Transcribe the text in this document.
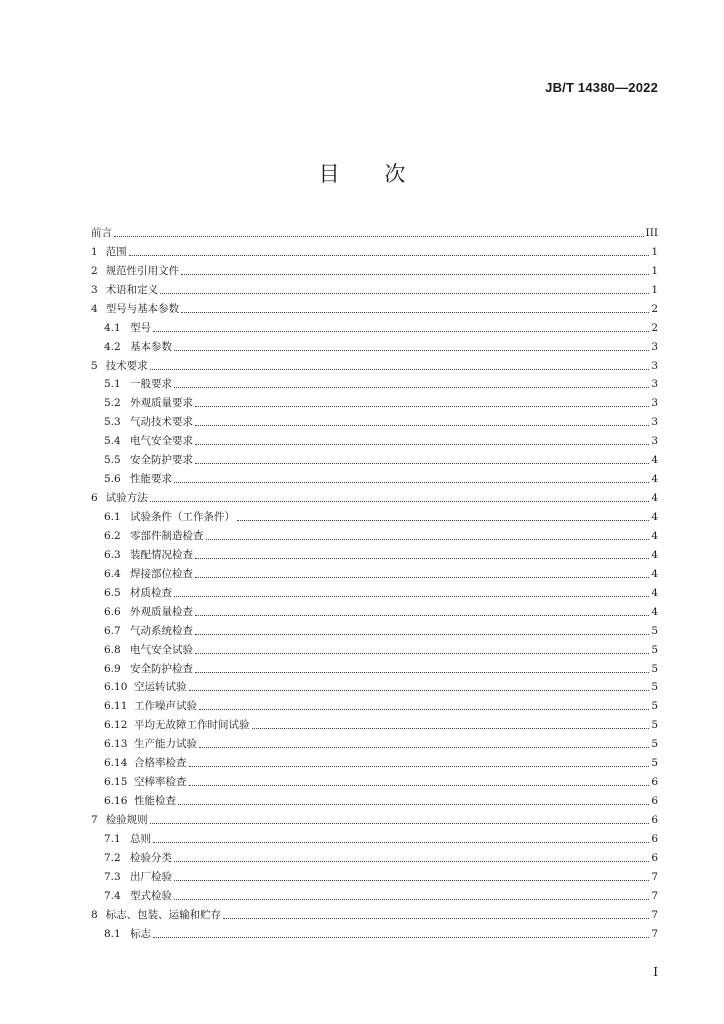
JB/T 14380—2022
目 次
前言	III
1 范围	1
2 规范性引用文件	1
3 术语和定义	1
4 型号与基本参数	2
4.1 型号	2
4.2 基本参数	3
5 技术要求	3
5.1 一般要求	3
5.2 外观质量要求	3
5.3 气动技术要求	3
5.4 电气安全要求	3
5.5 安全防护要求	4
5.6 性能要求	4
6 试验方法	4
6.1 试验条件（工作条件）	4
6.2 零部件制造检查	4
6.3 装配情况检查	4
6.4 焊接部位检查	4
6.5 材质检查	4
6.6 外观质量检查	4
6.7 气动系统检查	5
6.8 电气安全试验	5
6.9 安全防护检查	5
6.10 空运转试验	5
6.11 工作噪声试验	5
6.12 平均无故障工作时间试验	5
6.13 生产能力试验	5
6.14 合格率检查	5
6.15 空棒率检查	6
6.16 性能检查	6
7 检验规则	6
7.1 总则	6
7.2 检验分类	6
7.3 出厂检验	7
7.4 型式检验	7
8 标志、包装、运输和贮存	7
8.1 标志	7
I
